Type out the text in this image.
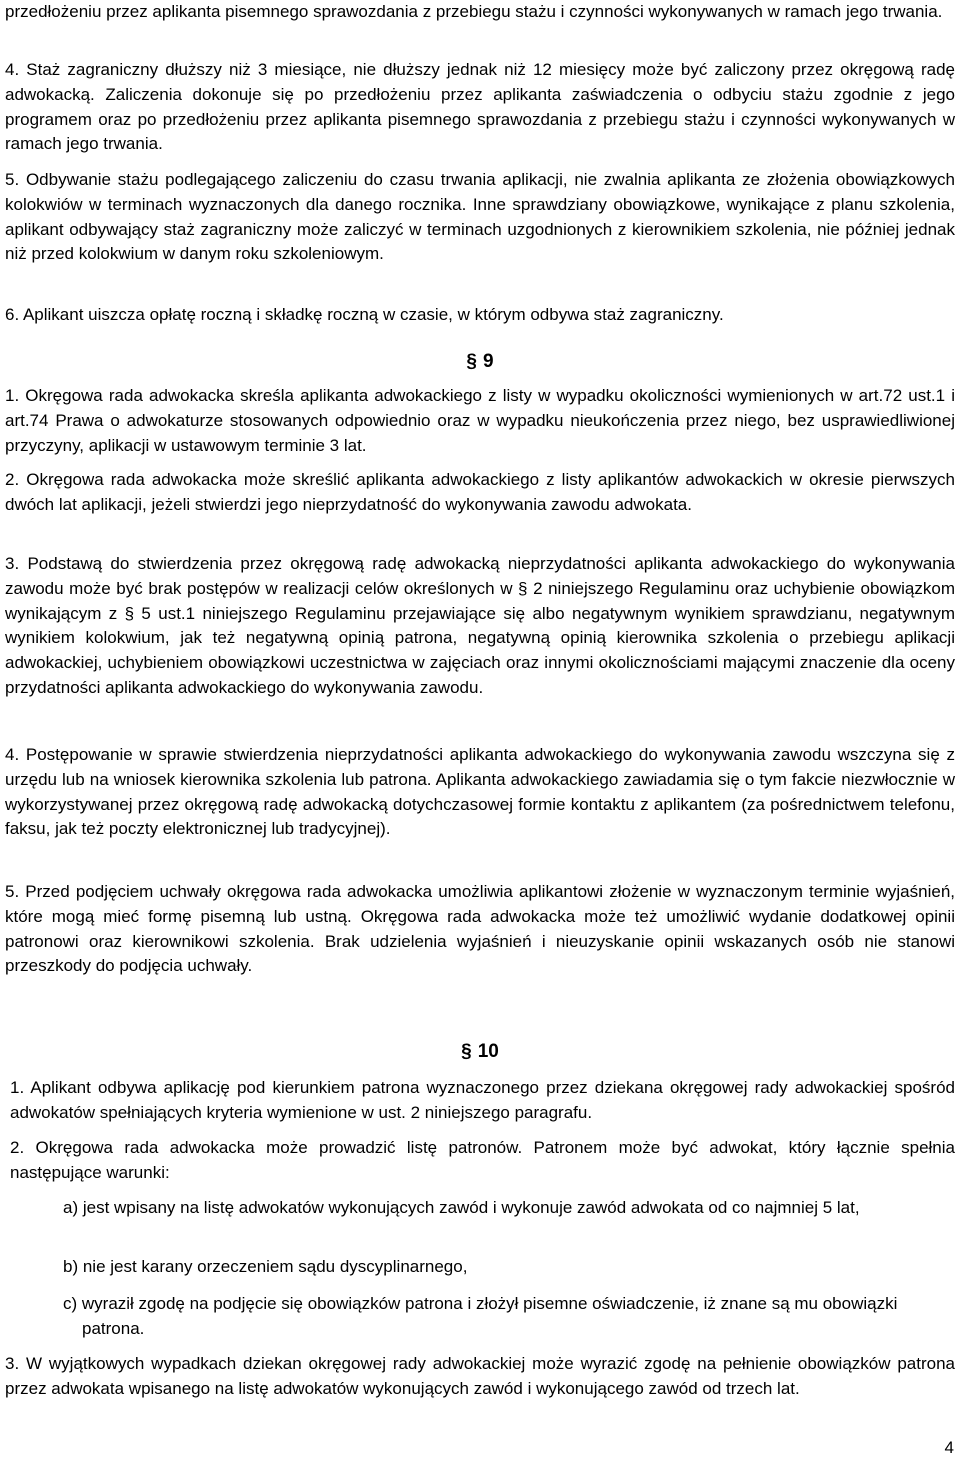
przedłożeniu przez aplikanta pisemnego sprawozdania z przebiegu stażu i czynności wykonywanych w ramach jego trwania.

4. Staż zagraniczny dłuższy niż 3 miesiące, nie dłuższy jednak niż 12 miesięcy może być zaliczony przez okręgową radę adwokacką. Zaliczenia dokonuje się po przedłożeniu przez aplikanta zaświadczenia o odbyciu stażu zgodnie z jego programem oraz po przedłożeniu przez aplikanta pisemnego sprawozdania z przebiegu stażu i czynności wykonywanych w ramach jego trwania.

5. Odbywanie stażu podlegającego zaliczeniu do czasu trwania aplikacji, nie zwalnia aplikanta ze złożenia obowiązkowych kolokwiów w terminach wyznaczonych dla danego rocznika. Inne sprawdziany obowiązkowe, wynikające z planu szkolenia, aplikant odbywający staż zagraniczny może zaliczyć w terminach uzgodnionych z kierownikiem szkolenia, nie później jednak niż przed kolokwium w danym roku szkoleniowym.

6. Aplikant uiszcza opłatę roczną i składkę roczną w czasie, w którym odbywa staż zagraniczny.

§ 9

1. Okręgowa rada adwokacka skreśla aplikanta adwokackiego z listy w wypadku okoliczności wymienionych w art.72 ust.1 i art.74 Prawa o adwokaturze stosowanych odpowiednio oraz w wypadku nieukończenia przez niego, bez usprawiedliwionej przyczyny, aplikacji w ustawowym terminie 3 lat.

2. Okręgowa rada adwokacka może skreślić aplikanta adwokackiego z listy aplikantów adwokackich w okresie pierwszych dwóch lat aplikacji, jeżeli stwierdzi jego nieprzydatność do wykonywania zawodu adwokata.

3. Podstawą do stwierdzenia przez okręgową radę adwokacką nieprzydatności aplikanta adwokackiego do wykonywania zawodu może być brak postępów w realizacji celów określonych w § 2 niniejszego Regulaminu oraz uchybienie obowiązkom wynikającym z § 5 ust.1 niniejszego Regulaminu przejawiające się albo negatywnym wynikiem sprawdzianu, negatywnym wynikiem kolokwium, jak też negatywną opinią patrona, negatywną opinią kierownika szkolenia o przebiegu aplikacji adwokackiej, uchybieniem obowiązkowi uczestnictwa w zajęciach oraz innymi okolicznościami mającymi znaczenie dla oceny przydatności aplikanta adwokackiego do wykonywania zawodu.

4. Postępowanie w sprawie stwierdzenia nieprzydatności aplikanta adwokackiego do wykonywania zawodu wszczyna się z urzędu lub na wniosek kierownika szkolenia lub patrona. Aplikanta adwokackiego zawiadamia się o tym fakcie niezwłocznie w wykorzystywanej przez okręgową radę adwokacką dotychczasowej formie kontaktu z aplikantem (za pośrednictwem telefonu, faksu, jak też poczty elektronicznej lub tradycyjnej).

5. Przed podjęciem uchwały okręgowa rada adwokacka umożliwia aplikantowi złożenie w wyznaczonym terminie wyjaśnień, które mogą mieć formę pisemną lub ustną. Okręgowa rada adwokacka może też umożliwić wydanie dodatkowej opinii patronowi oraz kierownikowi szkolenia. Brak udzielenia wyjaśnień i nieuzyskanie opinii wskazanych osób nie stanowi przeszkody do podjęcia uchwały.

§ 10

1. Aplikant odbywa aplikację pod kierunkiem patrona wyznaczonego przez dziekana okręgowej rady adwokackiej spośród adwokatów spełniających kryteria wymienione w ust. 2 niniejszego paragrafu.

2. Okręgowa rada adwokacka może prowadzić listę patronów. Patronem może być adwokat, który łącznie spełnia następujące warunki:

a) jest wpisany na listę adwokatów wykonujących zawód i wykonuje zawód adwokata od co najmniej 5 lat,

b) nie jest karany orzeczeniem sądu dyscyplinarnego,

c) wyraził zgodę na podjęcie się obowiązków patrona i złożył pisemne oświadczenie, iż znane są mu obowiązki patrona.

3. W wyjątkowych wypadkach dziekan okręgowej rady adwokackiej może wyrazić zgodę na pełnienie obowiązków patrona przez adwokata wpisanego na listę adwokatów wykonujących zawód i wykonującego zawód od trzech lat.

4
